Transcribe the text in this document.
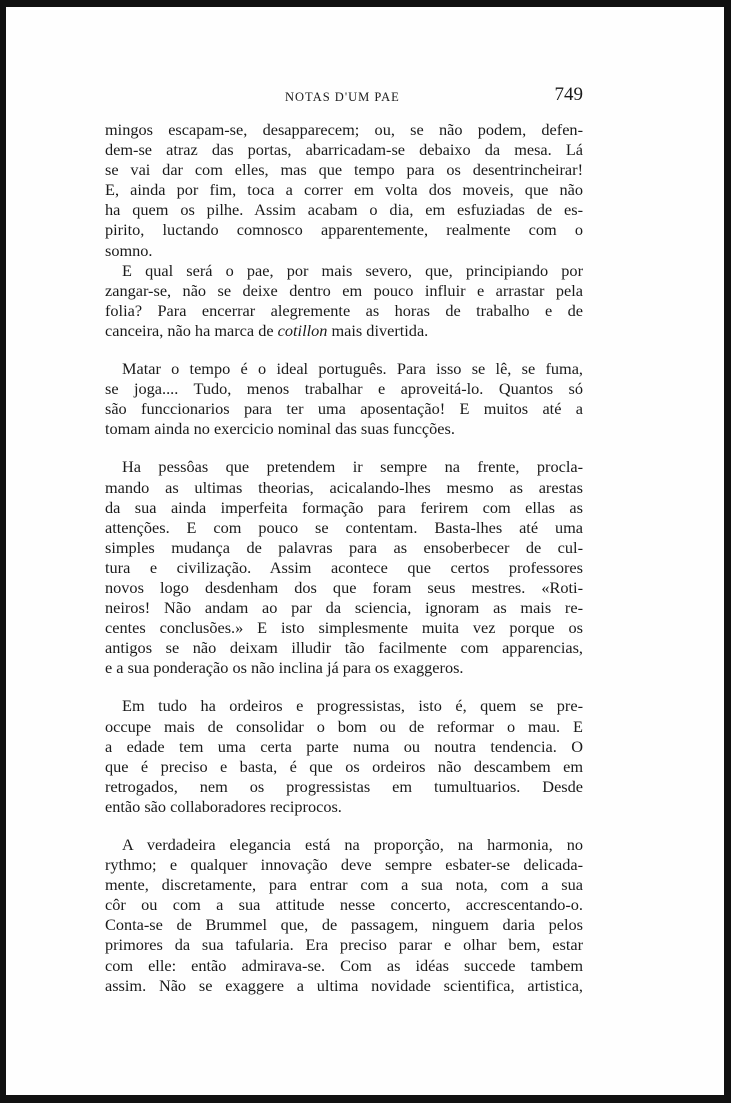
NOTAS D'UM PAE	749
mingos escapam-se, desapparecem; ou, se não podem, defen-
dem-se atraz das portas, abarricadam-se debaixo da mesa. Lá
se vai dar com elles, mas que tempo para os desentrincheirar!
E, ainda por fim, toca a correr em volta dos moveis, que não
ha quem os pilhe. Assim acabam o dia, em esfuziadas de es-
pirito, luctando comnosco apparentemente, realmente com o
somno.
E qual será o pae, por mais severo, que, principiando por
zangar-se, não se deixe dentro em pouco influir e arrastar pela
folia? Para encerrar alegremente as horas de trabalho e de
canceira, não ha marca de cotillon mais divertida.
Matar o tempo é o ideal português. Para isso se lê, se fuma,
se joga.... Tudo, menos trabalhar e aproveitá-lo. Quantos só
são funccionarios para ter uma aposentação! E muitos até a
tomam ainda no exercicio nominal das suas funcções.
Ha pessôas que pretendem ir sempre na frente, procla-
mando as ultimas theorias, acicalando-lhes mesmo as arestas
da sua ainda imperfeita formação para ferirem com ellas as
attenções. E com pouco se contentam. Basta-lhes até uma
simples mudança de palavras para as ensoberbecer de cul-
tura e civilização. Assim acontece que certos professores
novos logo desdenham dos que foram seus mestres. «Roti-
neiros! Não andam ao par da sciencia, ignoram as mais re-
centes conclusões.» E isto simplesmente muita vez porque os
antigos se não deixam illudir tão facilmente com apparencias,
e a sua ponderação os não inclina já para os exaggeros.
Em tudo ha ordeiros e progressistas, isto é, quem se pre-
occupe mais de consolidar o bom ou de reformar o mau. E
a edade tem uma certa parte numa ou noutra tendencia. O
que é preciso e basta, é que os ordeiros não descambem em
retrogados, nem os progressistas em tumultuarios. Desde
então são collaboradores reciprocos.
A verdadeira elegancia está na proporção, na harmonia, no
rythmo; e qualquer innovação deve sempre esbater-se delicada-
mente, discretamente, para entrar com a sua nota, com a sua
côr ou com a sua attitude nesse concerto, accrescentando-o.
Conta-se de Brummel que, de passagem, ninguem daria pelos
primores da sua tafularia. Era preciso parar e olhar bem, estar
com elle: então admirava-se. Com as idéas succede tambem
assim. Não se exaggere a ultima novidade scientifica, artistica,
